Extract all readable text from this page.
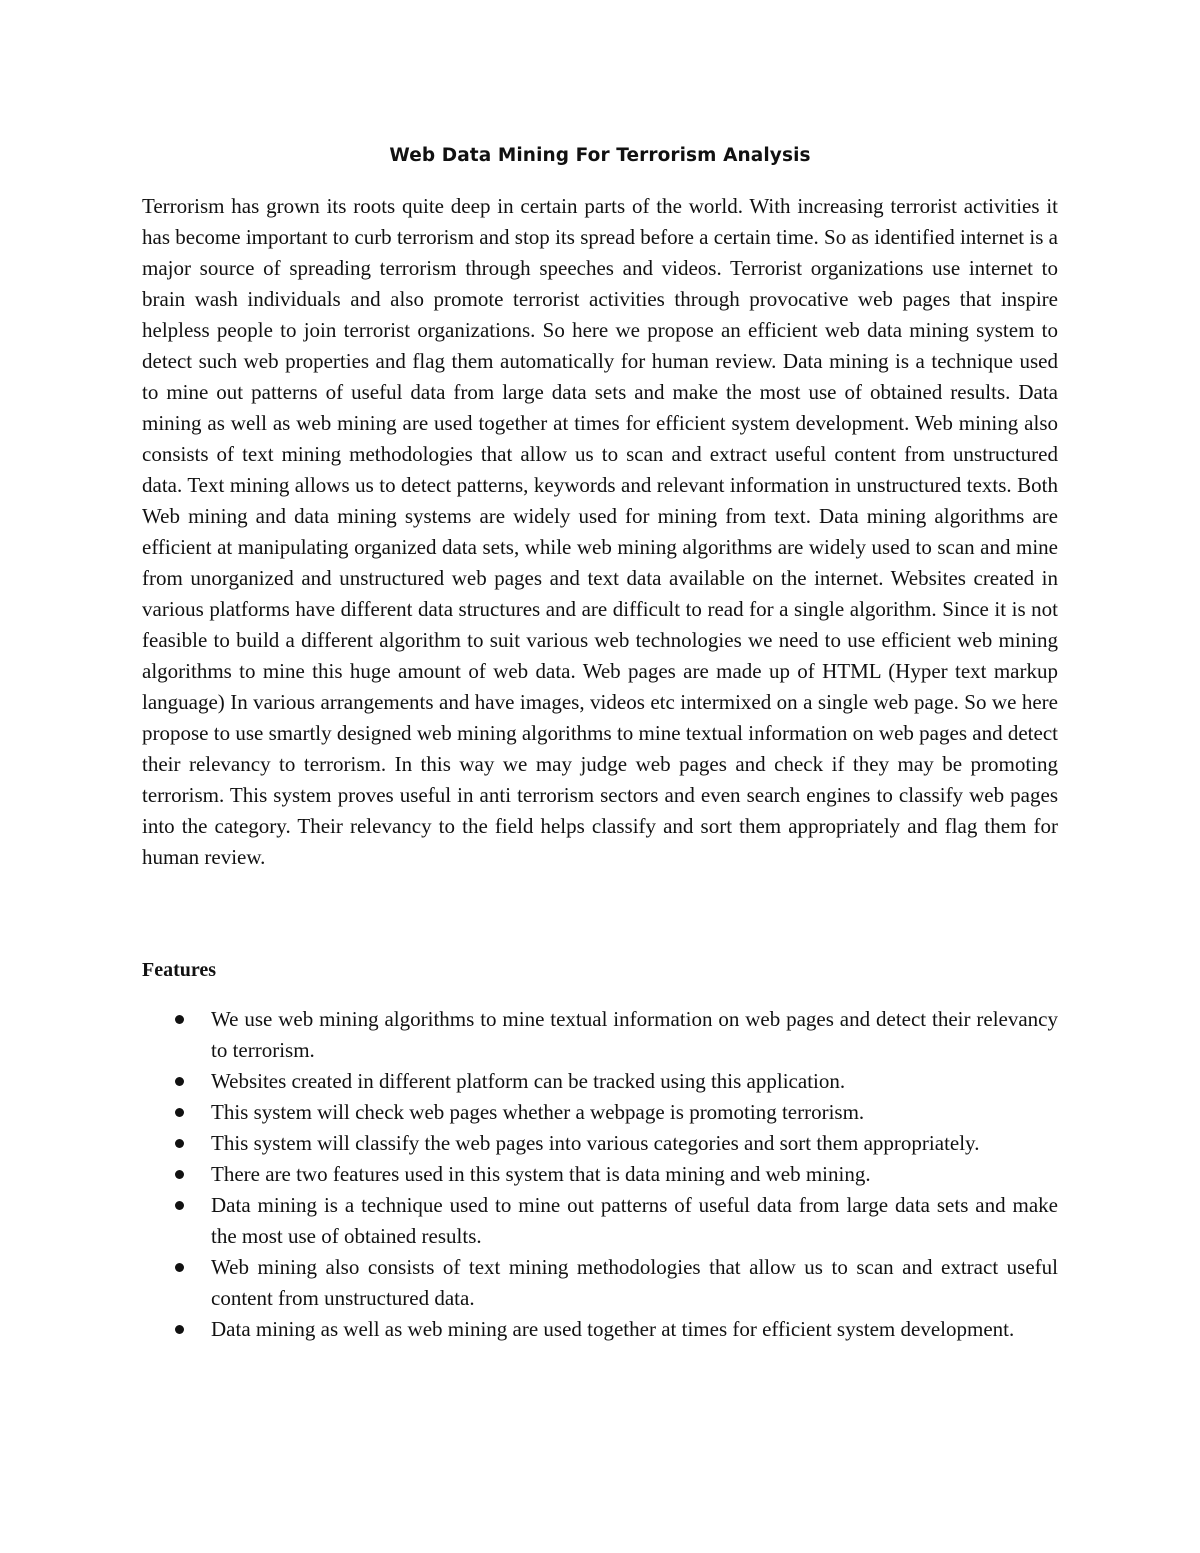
Web Data Mining For Terrorism Analysis

Terrorism has grown its roots quite deep in certain parts of the world. With increasing terrorist activities it has become important to curb terrorism and stop its spread before a certain time. So as identified internet is a major source of spreading terrorism through speeches and videos. Terrorist organizations use internet to brain wash individuals and also promote terrorist activities through provocative web pages that inspire helpless people to join terrorist organizations. So here we propose an efficient web data mining system to detect such web properties and flag them automatically for human review. Data mining is a technique used to mine out patterns of useful data from large data sets and make the most use of obtained results. Data mining as well as web mining are used together at times for efficient system development. Web mining also consists of text mining methodologies that allow us to scan and extract useful content from unstructured data. Text mining allows us to detect patterns, keywords and relevant information in unstructured texts. Both Web mining and data mining systems are widely used for mining from text. Data mining algorithms are efficient at manipulating organized data sets, while web mining algorithms are widely used to scan and mine from unorganized and unstructured web pages and text data available on the internet. Websites created in various platforms have different data structures and are difficult to read for a single algorithm. Since it is not feasible to build a different algorithm to suit various web technologies we need to use efficient web mining algorithms to mine this huge amount of web data. Web pages are made up of HTML (Hyper text markup language) In various arrangements and have images, videos etc intermixed on a single web page. So we here propose to use smartly designed web mining algorithms to mine textual information on web pages and detect their relevancy to terrorism. In this way we may judge web pages and check if they may be promoting terrorism. This system proves useful in anti terrorism sectors and even search engines to classify web pages into the category. Their relevancy to the field helps classify and sort them appropriately and flag them for human review.

Features

We use web mining algorithms to mine textual information on web pages and detect their relevancy to terrorism.
Websites created in different platform can be tracked using this application.
This system will check web pages whether a webpage is promoting terrorism.
This system will classify the web pages into various categories and sort them appropriately.
There are two features used in this system that is data mining and web mining.
Data mining is a technique used to mine out patterns of useful data from large data sets and make the most use of obtained results.
Web mining also consists of text mining methodologies that allow us to scan and extract useful content from unstructured data.
Data mining as well as web mining are used together at times for efficient system development.
